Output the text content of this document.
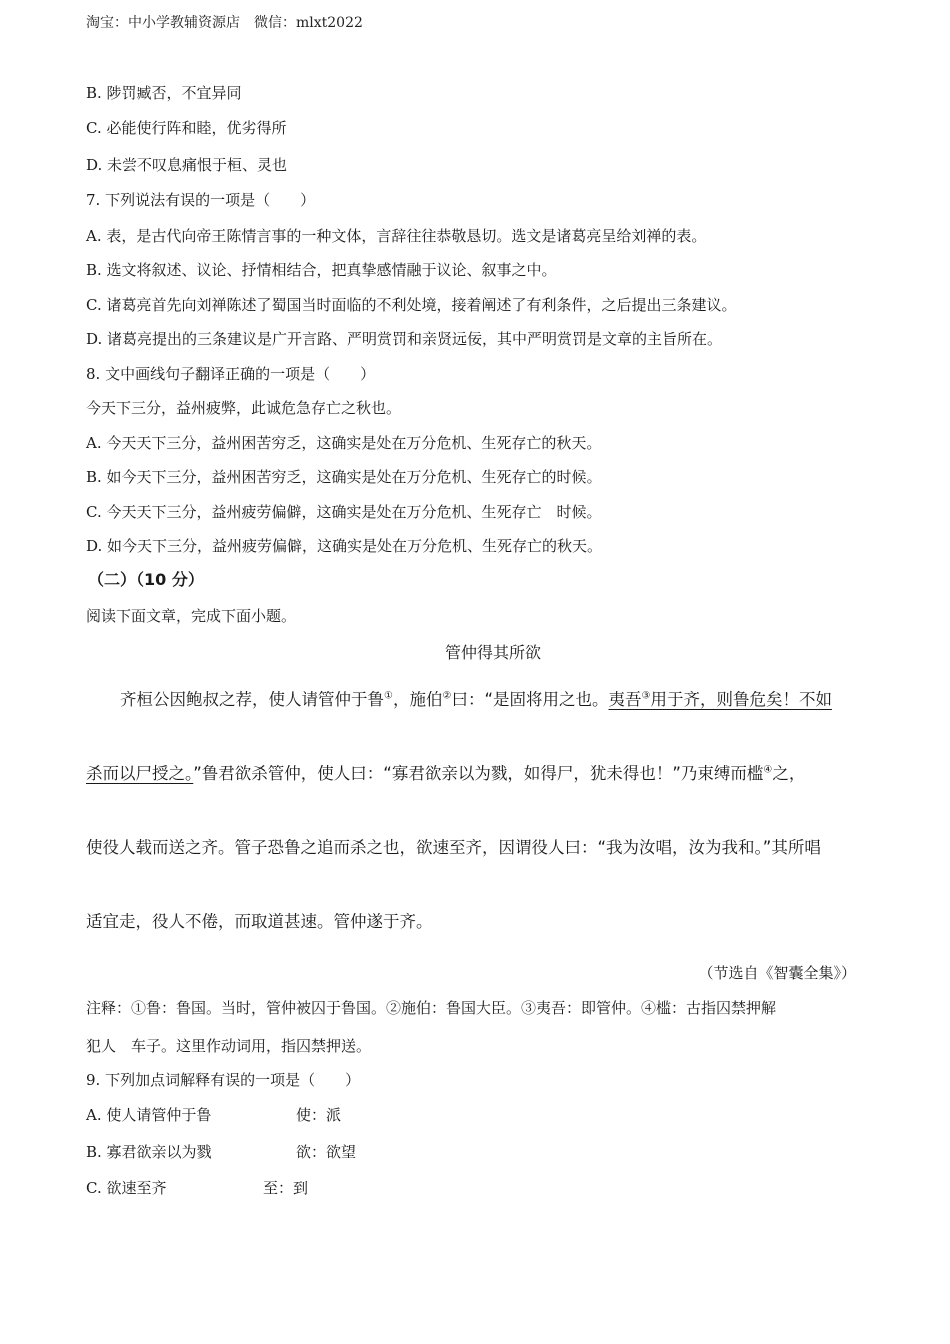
淘宝：中小学教辅资源店　微信：mlxt2022
B. 陟罚臧否，不宜异同
C. 必能使行阵和睦，优劣得所
D. 未尝不叹息痛恨于桓、灵也
7. 下列说法有误的一项是（　　）
A. 表，是古代向帝王陈情言事的一种文体，言辞往往恭敬恳切。选文是诸葛亮呈给刘禅的表。
B. 选文将叙述、议论、抒情相结合，把真挚感情融于议论、叙事之中。
C. 诸葛亮首先向刘禅陈述了蜀国当时面临的不利处境，接着阐述了有利条件，之后提出三条建议。
D. 诸葛亮提出的三条建议是广开言路、严明赏罚和亲贤远佞，其中严明赏罚是文章的主旨所在。
8. 文中画线句子翻译正确的一项是（　　）
今天下三分，益州疲弊，此诚危急存亡之秋也。
A. 今天天下三分，益州困苦穷乏，这确实是处在万分危机、生死存亡的秋天。
B. 如今天下三分，益州困苦穷乏，这确实是处在万分危机、生死存亡的时候。
C. 今天天下三分，益州疲劳偏僻，这确实是处在万分危机、生死存亡　时候。
D. 如今天下三分，益州疲劳偏僻，这确实是处在万分危机、生死存亡的秋天。
（二）（10 分）
阅读下面文章，完成下面小题。
管仲得其所欲
齐桓公因鲍叔之荐，使人请管仲于鲁①，施伯②曰：“是固将用之也。夷吾③用于齐，则鲁危矣！不如
杀而以尸授之。”鲁君欲杀管仲，使人曰：“寡君欲亲以为戮，如得尸，犹未得也！”乃束缚而槛④之，
使役人载而送之齐。管子恐鲁之追而杀之也，欲速至齐，因谓役人曰：“我为汝唱，汝为我和。”其所唱
适宜走，役人不倦，而取道甚速。管仲遂于齐。
（节选自《智囊全集》）
注释：①鲁：鲁国。当时，管仲被囚于鲁国。②施伯：鲁国大臣。③夷吾：即管仲。④槛：古指囚禁押解
犯人　车子。这里作动词用，指囚禁押送。
9. 下列加点词解释有误的一项是（　　）
A. 使人请管仲于鲁	使：派
B. 寡君欲亲以为戮	欲：欲望
C. 欲速至齐	至：到
